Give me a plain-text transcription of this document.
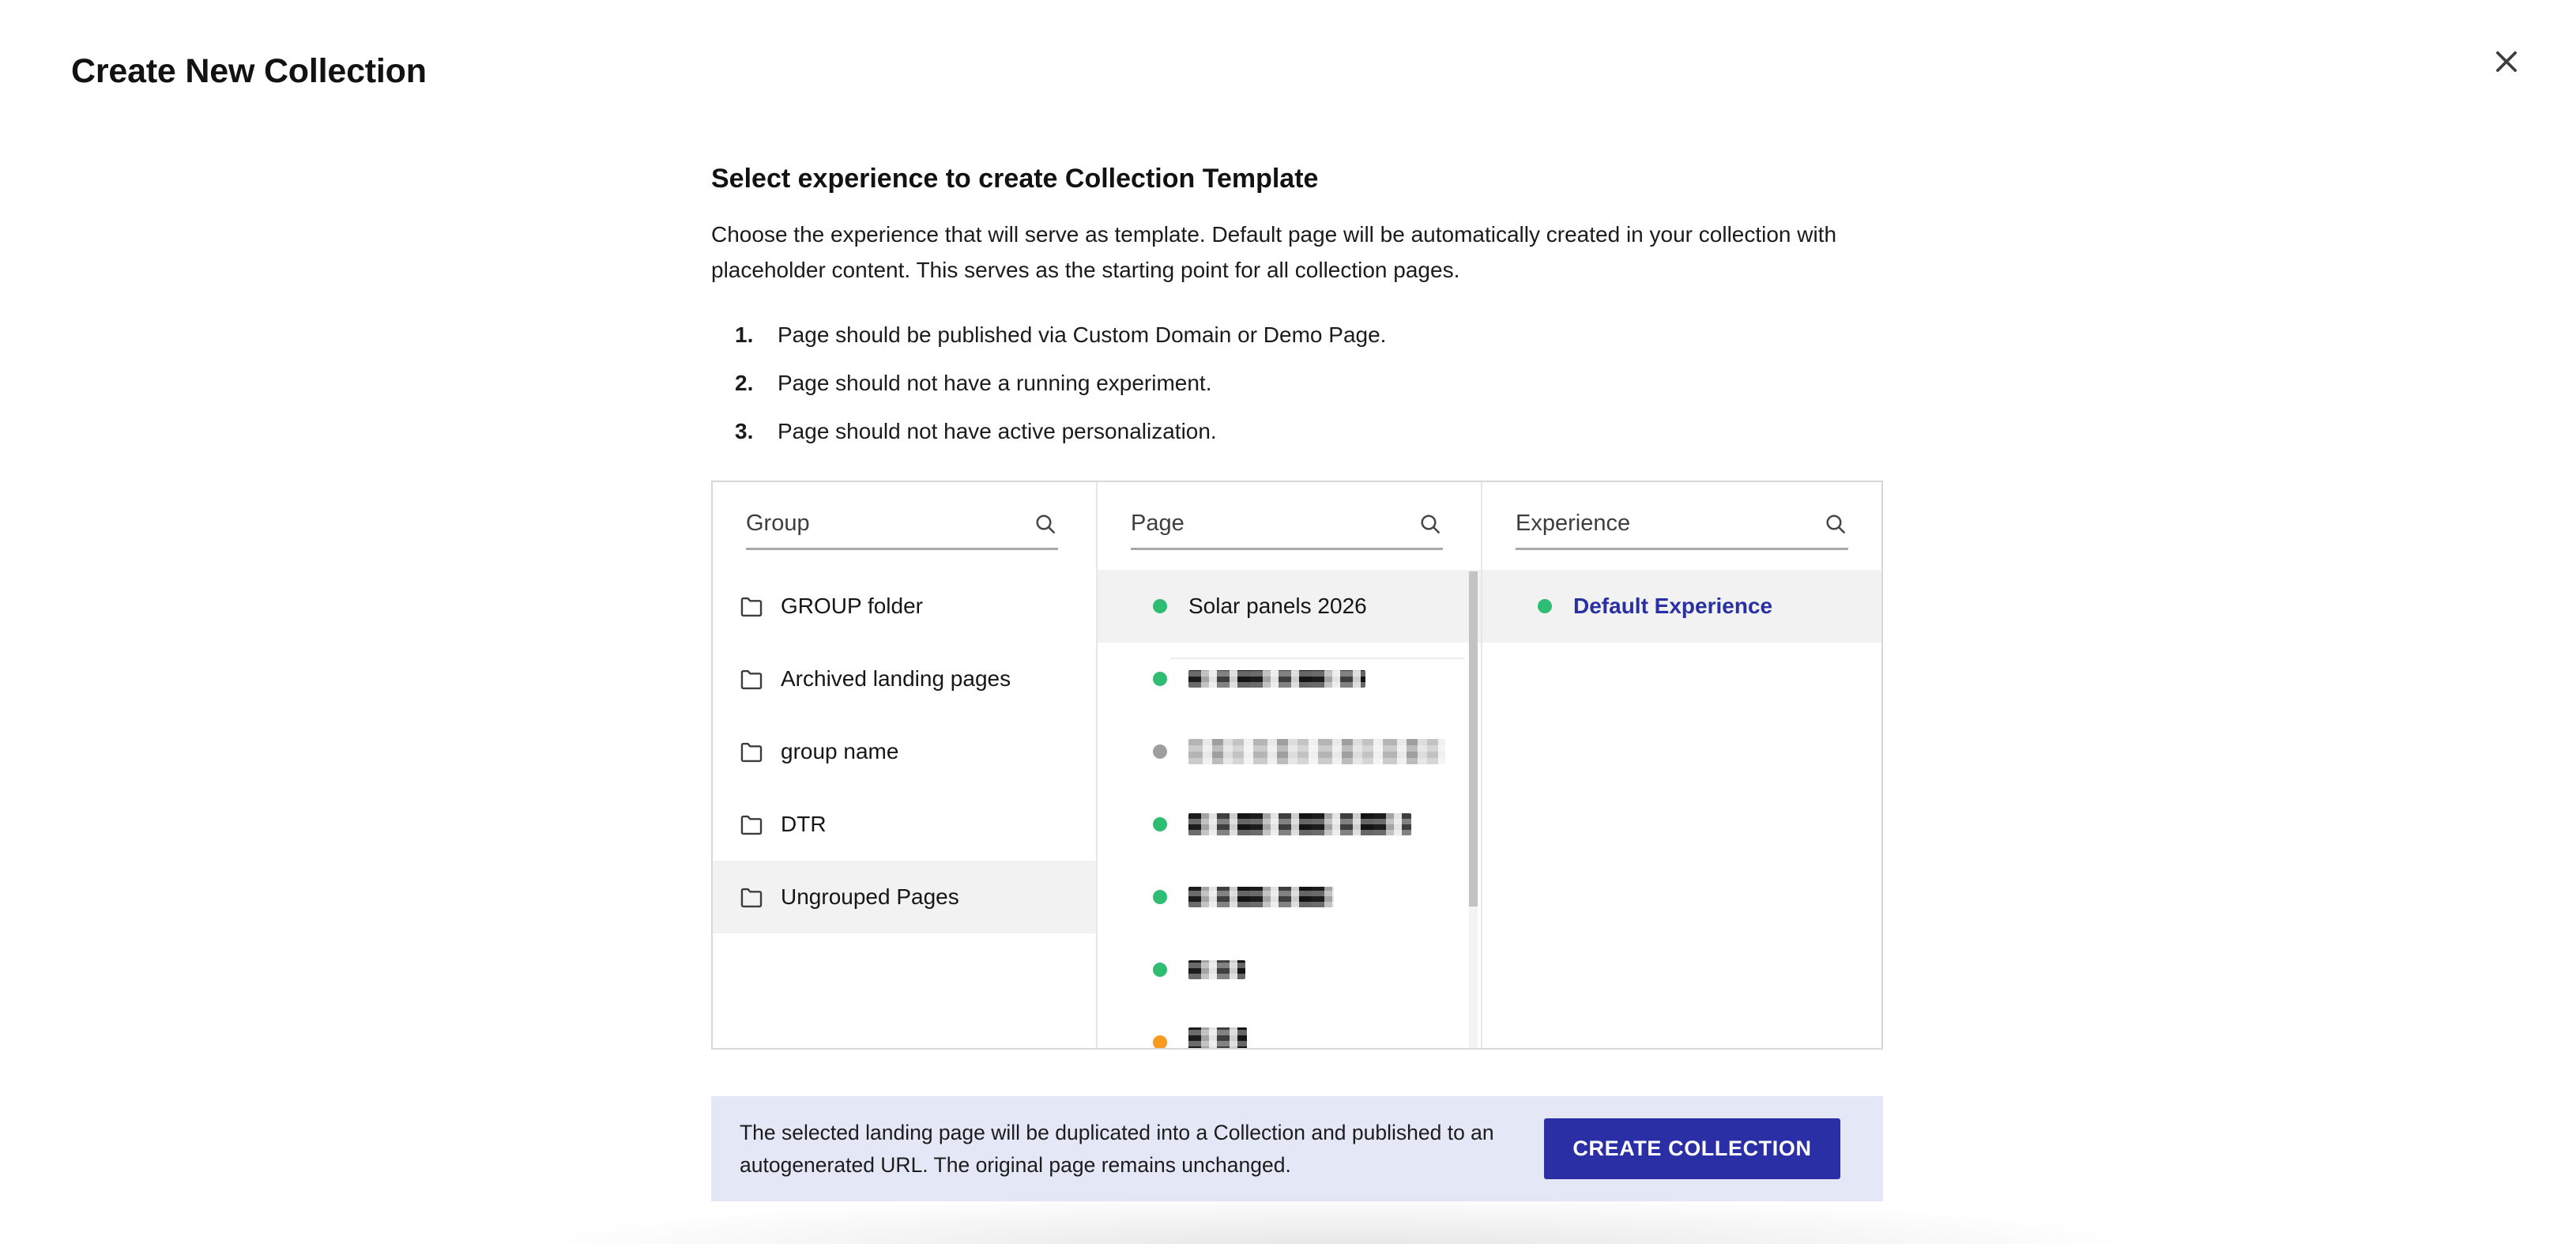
Create New Collection
Select experience to create Collection Template

Choose the experience that will serve as template. Default page will be automatically created in your collection with placeholder content. This serves as the starting point for all collection pages.

1.	Page should be published via Custom Domain or Demo Page.
2.	Page should not have a running experiment.
3.	Page should not have active personalization.
Group
GROUP folder
Archived landing pages
group name
DTR
Ungrouped Pages
Page
Solar panels 2026
Experience	Default Experience

The selected landing page will be duplicated into a Collection and published to an autogenerated URL. The original page remains unchanged.

CREATE COLLECTION
